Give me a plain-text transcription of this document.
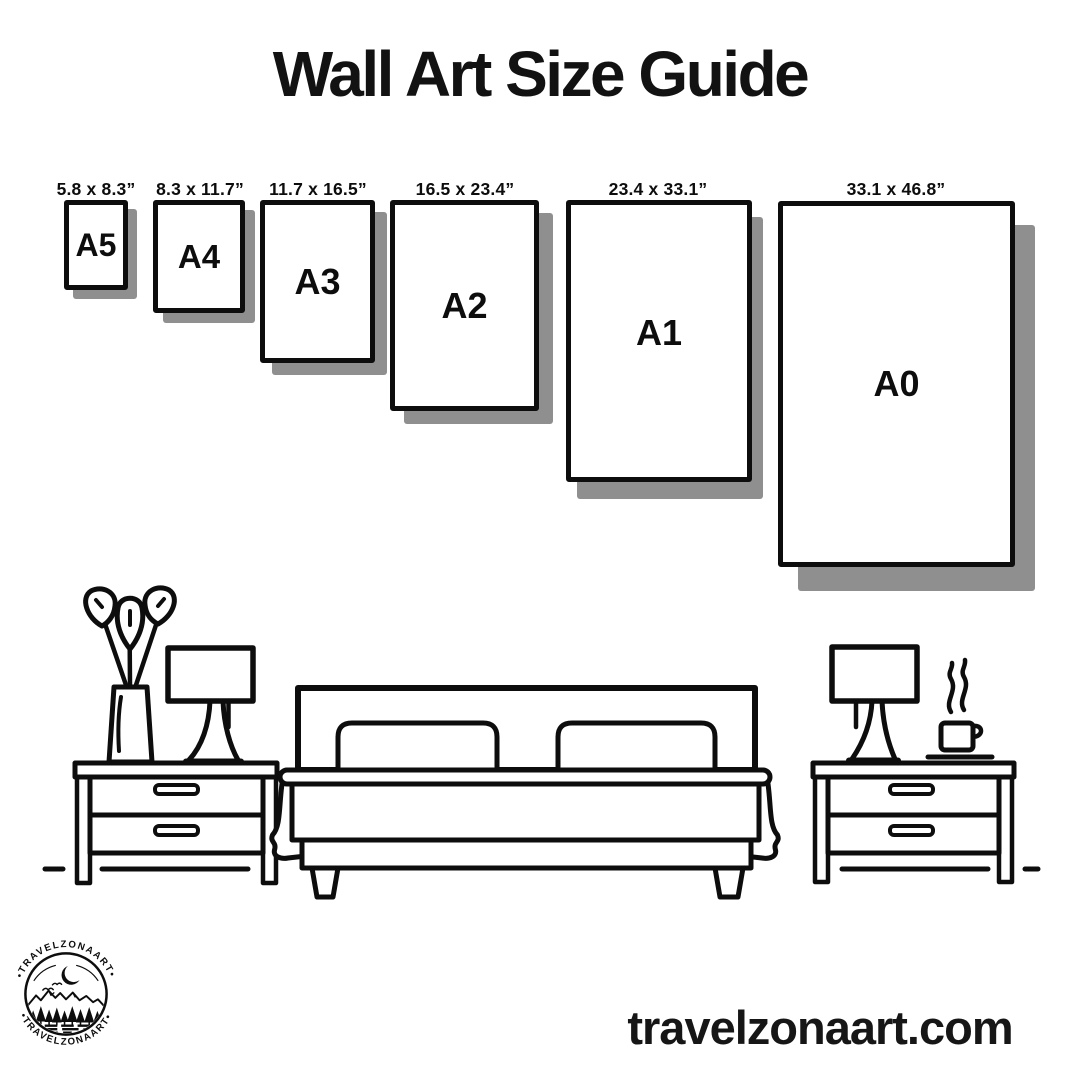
Wall Art Size Guide
5.8 x 8.3” 8.3 x 11.7” 11.7 x 16.5”	16.5 x 23.4”	23.4 x 33.1”	33.1 x 46.8”
A5 A4
A3
A2
A1
A0
•TRAVELZONAART•
•TRAVELZONAART•	travelzonaart.com
